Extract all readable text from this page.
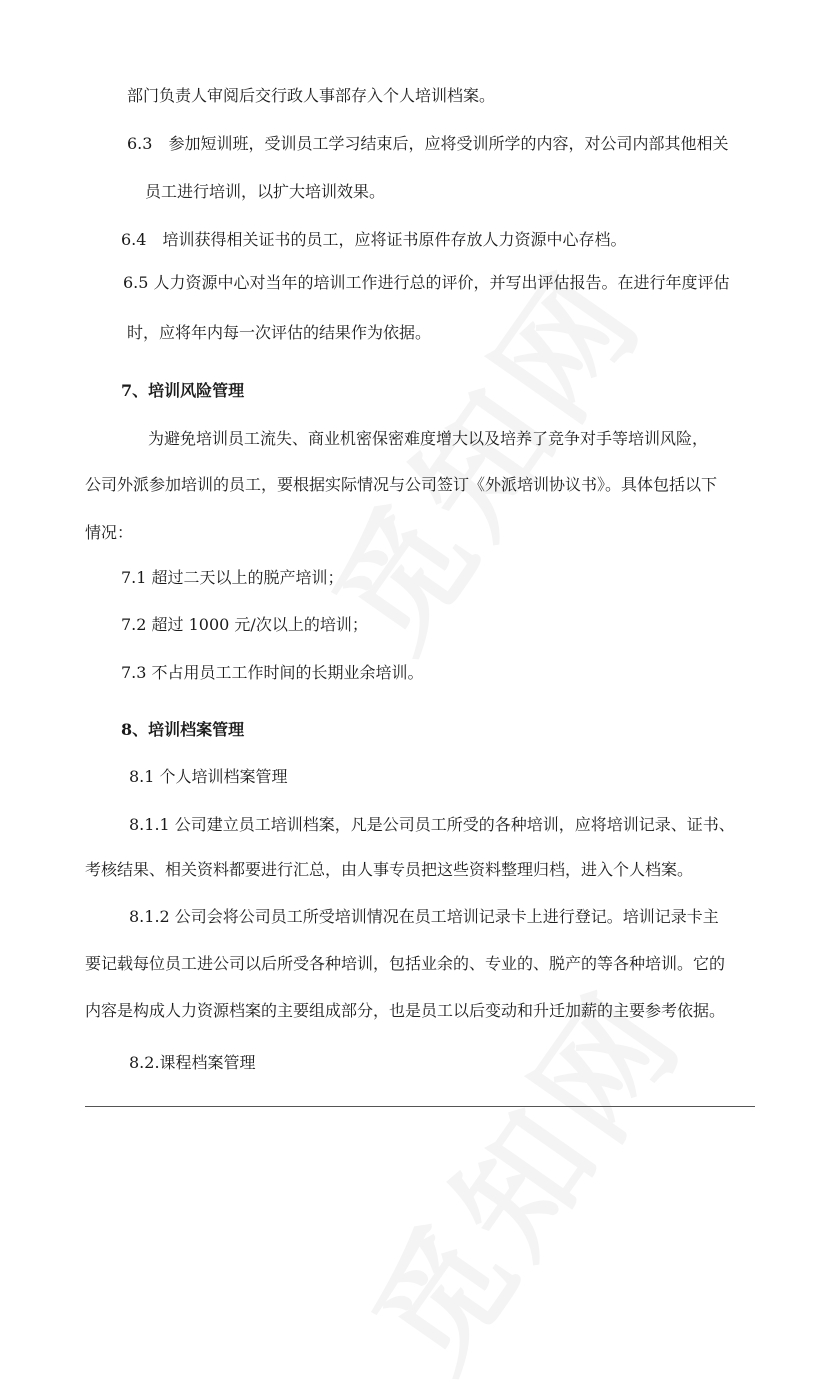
部门负责人审阅后交行政人事部存入个人培训档案。
6.3　参加短训班，受训员工学习结束后，应将受训所学的内容，对公司内部其他相关
员工进行培训，以扩大培训效果。
6.4　培训获得相关证书的员工，应将证书原件存放人力资源中心存档。
6.5 人力资源中心对当年的培训工作进行总的评价，并写出评估报告。在进行年度评估
时，应将年内每一次评估的结果作为依据。
7、培训风险管理
为避免培训员工流失、商业机密保密难度增大以及培养了竞争对手等培训风险，
公司外派参加培训的员工，要根据实际情况与公司签订《外派培训协议书》。具体包括以下
情况：
7.1 超过二天以上的脱产培训；
7.2 超过 1000 元/次以上的培训；
7.3 不占用员工工作时间的长期业余培训。
8、培训档案管理
8.1 个人培训档案管理
8.1.1 公司建立员工培训档案，凡是公司员工所受的各种培训，应将培训记录、证书、
考核结果、相关资料都要进行汇总，由人事专员把这些资料整理归档，进入个人档案。
8.1.2 公司会将公司员工所受培训情况在员工培训记录卡上进行登记。培训记录卡主
要记载每位员工进公司以后所受各种培训，包括业余的、专业的、脱产的等各种培训。它的
内容是构成人力资源档案的主要组成部分，也是员工以后变动和升迁加薪的主要参考依据。
8.2.课程档案管理
